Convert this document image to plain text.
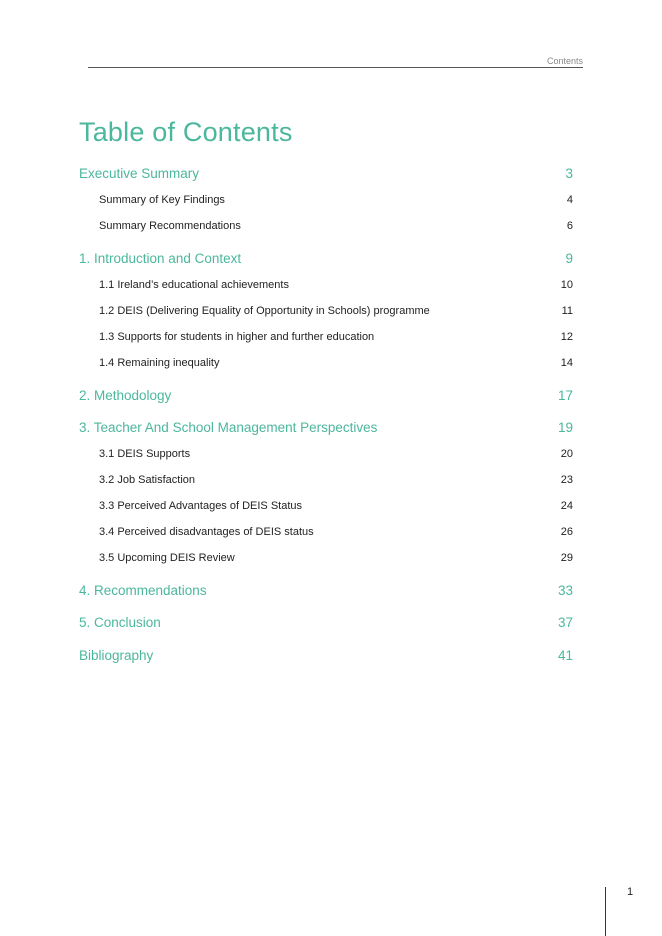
Contents
Table of Contents
Executive Summary	3
Summary of Key Findings	4
Summary Recommendations	6
1. Introduction and Context	9
1.1 Ireland’s educational achievements	10
1.2 DEIS (Delivering Equality of Opportunity in Schools) programme	11
1.3 Supports for students in higher and further education	12
1.4 Remaining inequality	14
2. Methodology	17
3. Teacher And School Management Perspectives	19
3.1 DEIS Supports	20
3.2 Job Satisfaction	23
3.3 Perceived Advantages of DEIS Status	24
3.4 Perceived disadvantages of DEIS status	26
3.5 Upcoming DEIS Review	29
4. Recommendations	33
5. Conclusion	37
Bibliography	41
1
